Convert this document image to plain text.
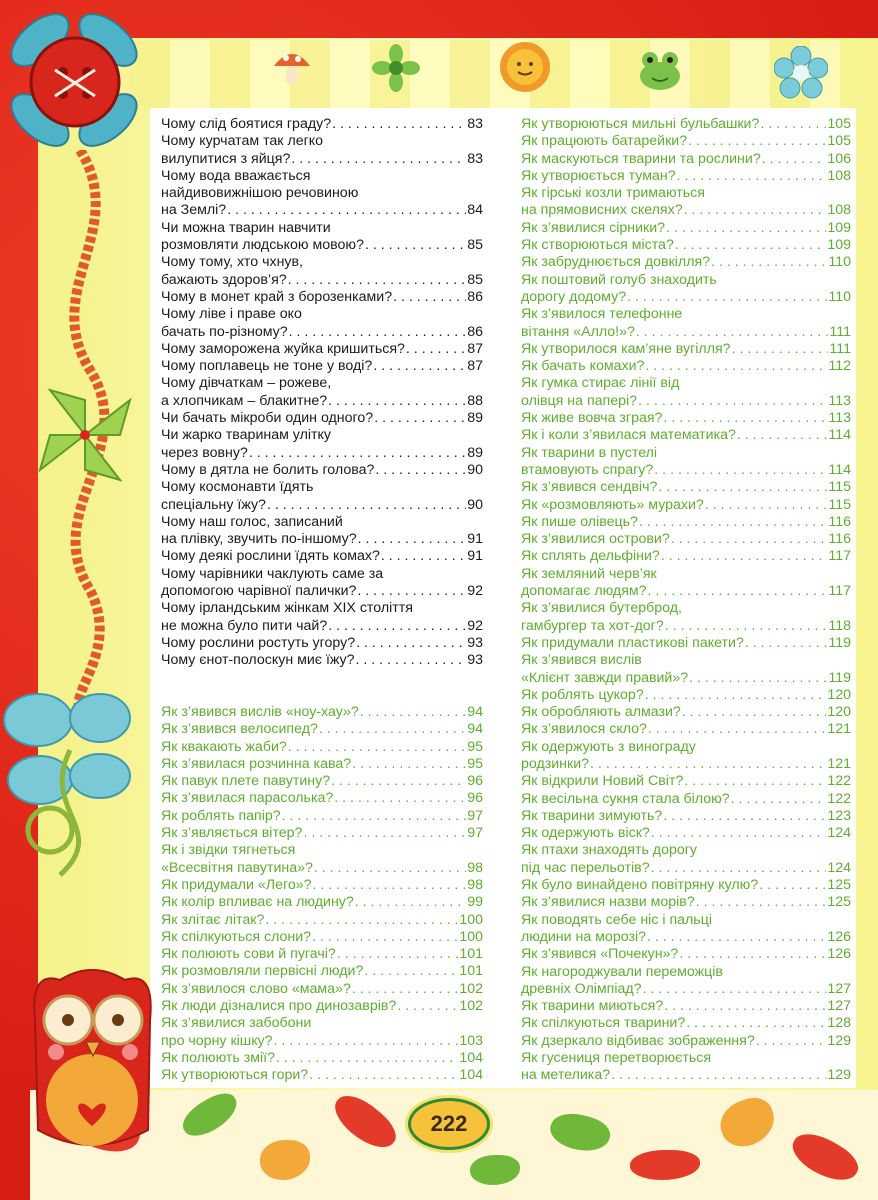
Чому слід боятися граду? . . .	83
Чому курчатам так легко
вилупитися з яйця? . . .	83
Чому вода вважається
найдивовижнішою речовиною
на Землі? . . .	84
Чи можна тварин навчити
розмовляти людською мовою? . . .	85
Чому тому, хто чхнув,
бажають здоров’я? . . .	85
Чому в монет край з борозенками? . . .	86
Чому ліве і праве око
бачать по-різному? . . .	86
Чому заморожена жуйка кришиться? . . .	87
Чому поплавець не тоне у воді? . . .	87
Чому дівчаткам – рожеве,
а хлопчикам – блакитне? . . .	88
Чи бачать мікроби один одного? . . .	89
Чи жарко тваринам улітку
через вовну? . . .	89
Чому в дятла не болить голова? . . .	90
Чому космонавти їдять
спеціальну їжу? . . .	90
Чому наш голос, записаний
на плівку, звучить по-іншому? . . .	91
Чому деякі рослини їдять комах? . . .	91
Чому чарівники чаклують саме за
допомогою чарівної палички? . . .	92
Чому ірландським жінкам XIX століття
не можна було пити чай? . . .	92
Чому рослини ростуть угору? . . .	93
Чому єнот-полоскун миє їжу? . . .	93
Як з’явився вислів «ноу-хау»? . . .	94
Як з’явився велосипед? . . .	94
Як квакають жаби? . . .	95
Як з’явилася розчинна кава? . . .	95
Як павук плете павутину? . . .	96
Як з’явилася парасолька? . . .	96
Як роблять папір? . . .	97
Як з’являється вітер? . . .	97
Як і звідки тягнеться
«Всесвітня павутина»? . . .	98
Як придумали «Лего»? . . .	98
Як колір впливає на людину? . . .	99
Як злітає літак? . . .	100
Як спілкуються слони? . . .	100
Як полюють сови й пугачі? . . .	101
Як розмовляли первісні люди? . . .	101
Як з’явилося слово «мама»? . . .	102
Як люди дізналися про динозаврів? . . .	102
Як з’явилися забобони
про чорну кішку? . . .	103
Як полюють змії? . . .	104
Як утворюються гори? . . .	104
Як утворюються мильні бульбашки? . . .	105
Як працюють батарейки? . . .	105
Як маскуються тварини та рослини? . . .	106
Як утворюється туман? . . .	108
Як гірські козли тримаються
на прямовисних скелях? . . .	108
Як з’явилися сірники? . . .	109
Як створюються міста? . . .	109
Як забруднюється довкілля? . . .	110
Як поштовий голуб знаходить
дорогу додому? . . .	110
Як з’явилося телефонне
вітання «Алло!»? . . .	111
Як утворилося кам’яне вугілля? . . .	111
Як бачать комахи? . . .	112
Як гумка стирає лінії від
олівця на папері? . . .	113
Як живе вовча зграя? . . .	113
Як і коли з’явилася математика? . . .	114
Як тварини в пустелі
втамовують спрагу? . . .	114
Як з’явився сендвіч? . . .	115
Як «розмовляють» мурахи? . . .	115
Як пише олівець? . . .	116
Як з’явилися острови? . . .	116
Як сплять дельфіни? . . .	117
Як земляний черв’як
допомагає людям? . . .	117
Як з’явилися бутерброд,
гамбургер та хот-дог? . . .	118
Як придумали пластикові пакети? . . .	119
Як з’явився вислів
«Клієнт завжди правий»? . . .	119
Як роблять цукор? . . .	120
Як обробляють алмази? . . .	120
Як з’явилося скло? . . .	121
Як одержують з винограду
родзинки? . . .	121
Як відкрили Новий Світ? . . .	122
Як весільна сукня стала білою? . . .	122
Як тварини зимують? . . .	123
Як одержують віск? . . .	124
Як птахи знаходять дорогу
під час перельотів? . . .	124
Як було винайдено повітряну кулю? . . .	125
Як з’явилися назви морів? . . .	125
Як поводять себе ніс і пальці
людини на морозі? . . .	126
Як з’явився «Почекун»? . . .	126
Як нагороджували переможців
древніх Олімпіад? . . .	127
Як тварини миються? . . .	127
Як спілкуються тварини? . . .	128
Як дзеркало відбиває зображення? . . .	129
Як гусениця перетворюється
на метелика? . . .	129
222
